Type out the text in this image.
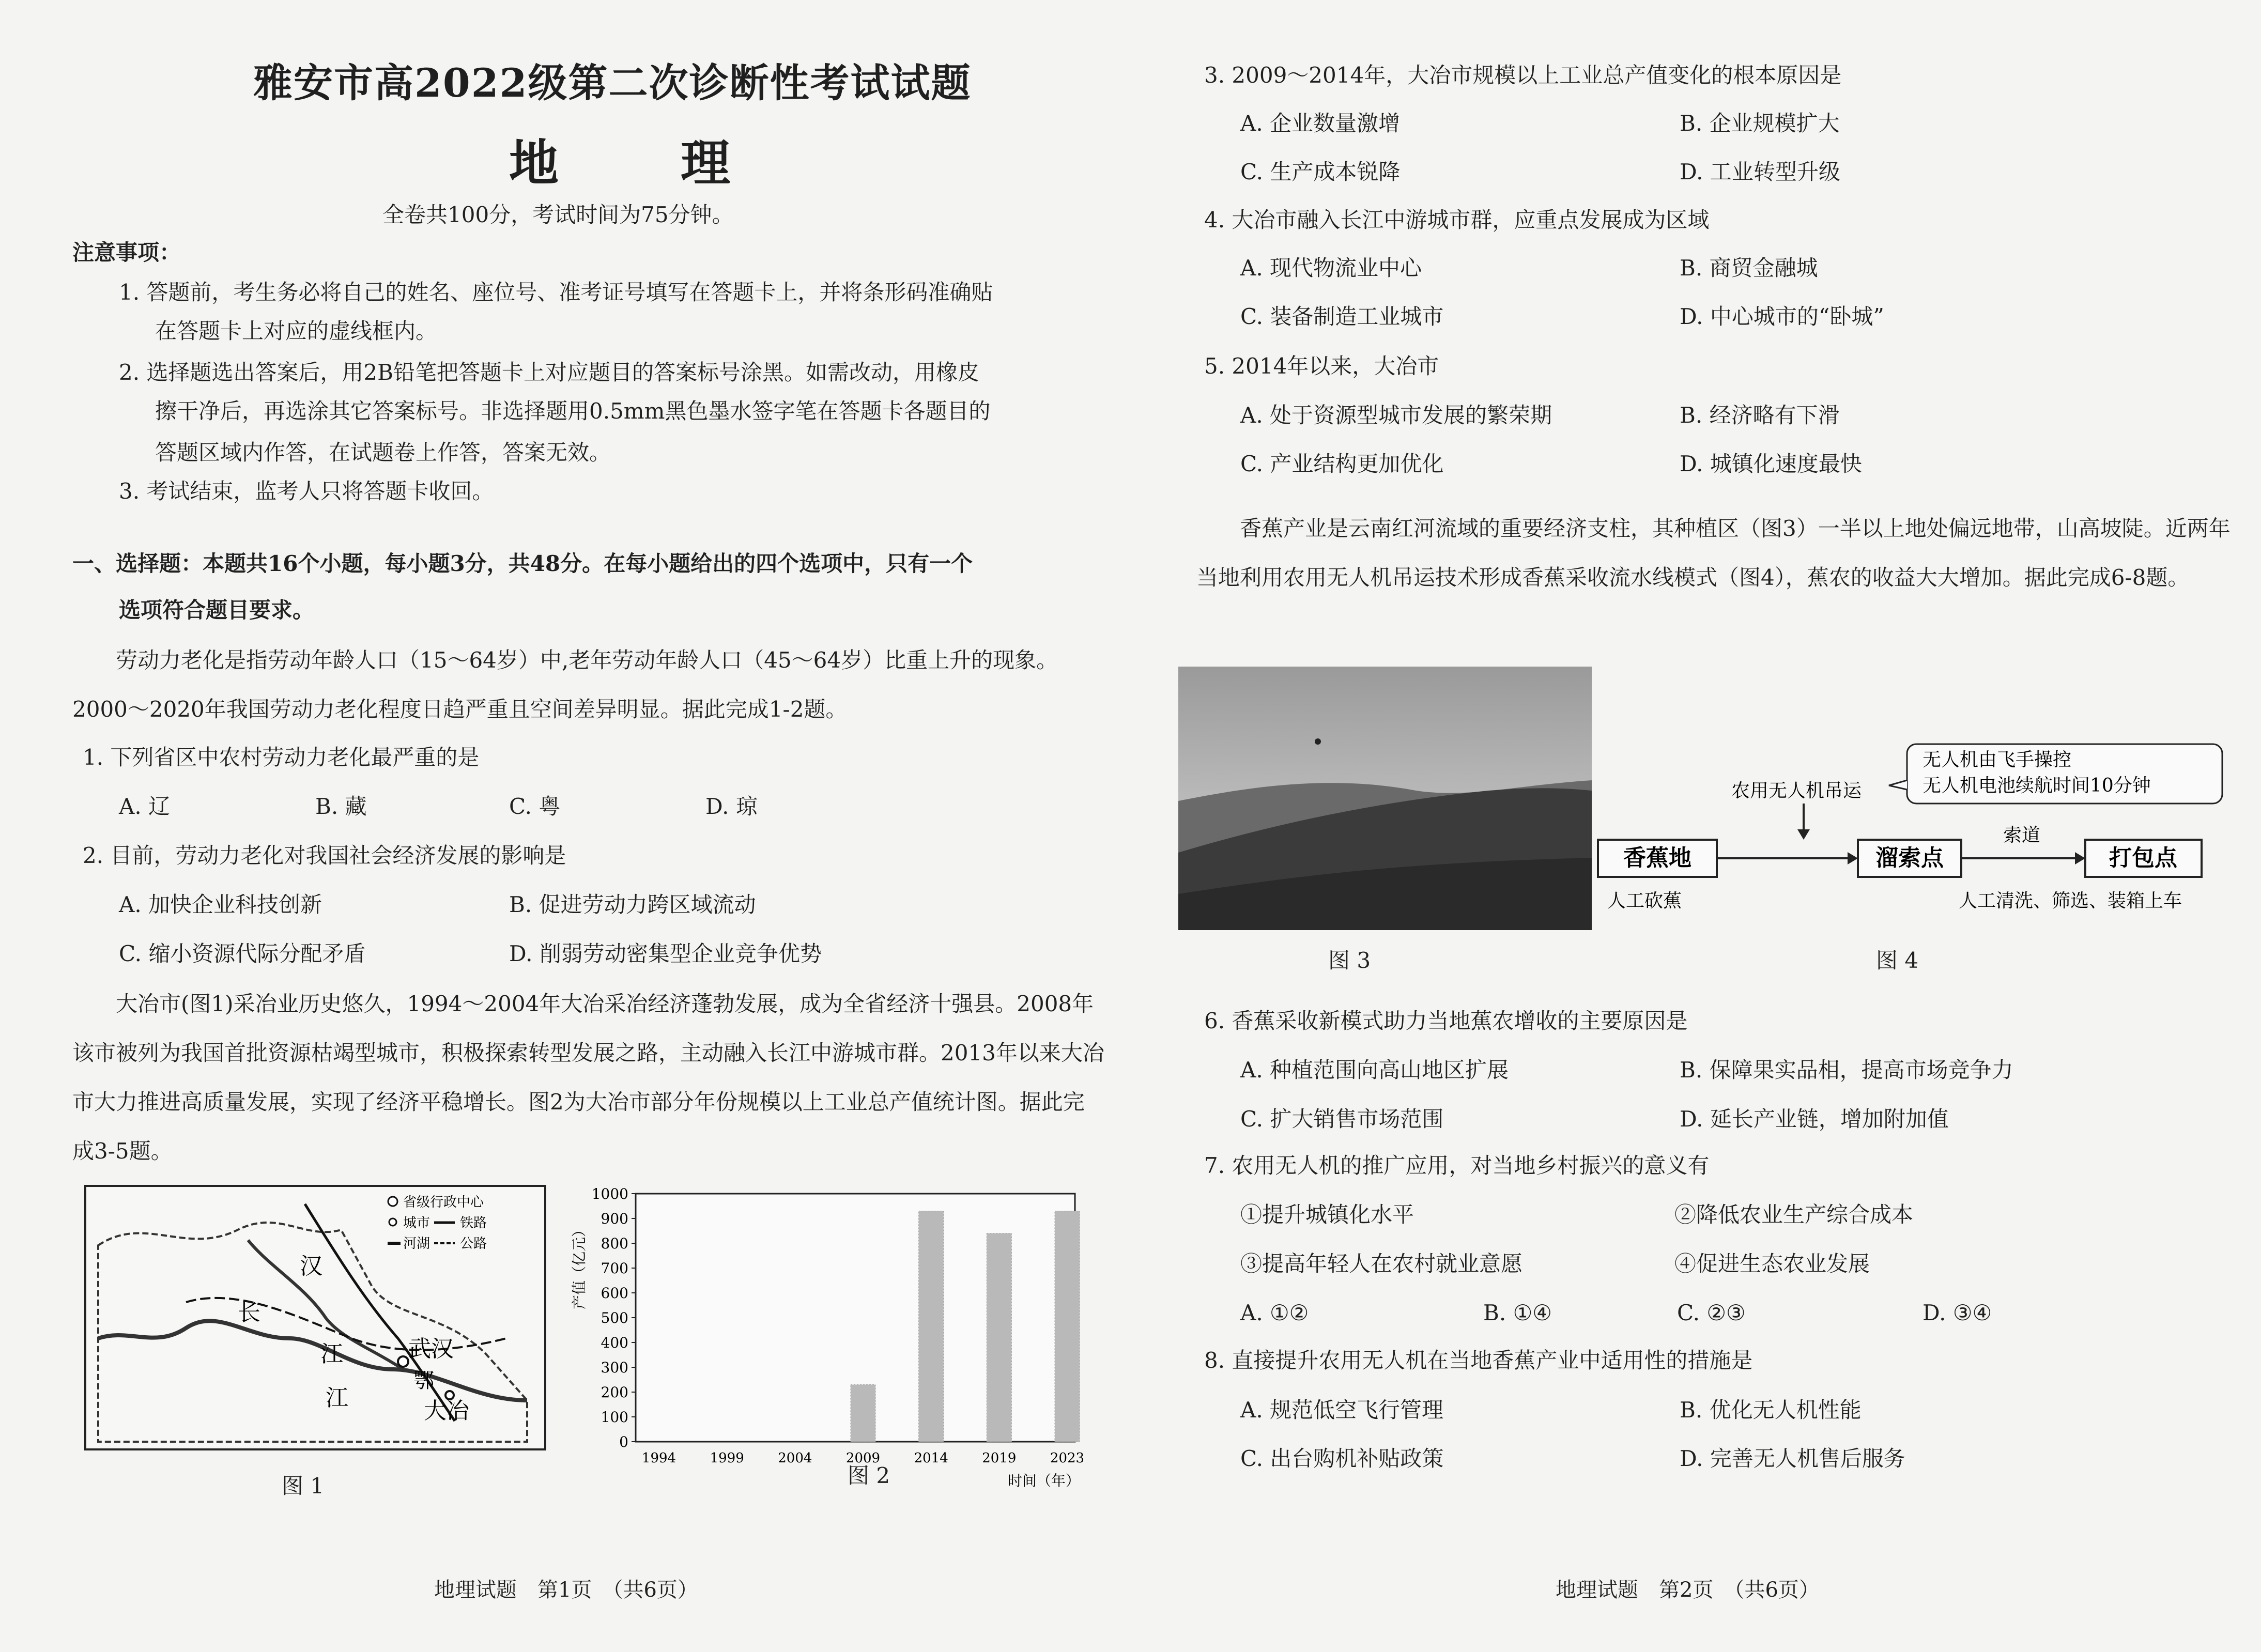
雅安市高2022级第二次诊断性考试试题
地　理
全卷共100分，考试时间为75分钟。
注意事项：
1. 答题前，考生务必将自己的姓名、座位号、准考证号填写在答题卡上，并将条形码准确贴
在答题卡上对应的虚线框内。
2. 选择题选出答案后，用2B铅笔把答题卡上对应题目的答案标号涂黑。如需改动，用橡皮
擦干净后，再选涂其它答案标号。非选择题用0.5mm黑色墨水签字笔在答题卡各题目的
答题区域内作答，在试题卷上作答，答案无效。
3. 考试结束，监考人只将答题卡收回。
一、选择题：本题共16个小题，每小题3分，共48分。在每小题给出的四个选项中，只有一个
选项符合题目要求。
劳动力老化是指劳动年龄人口（15～64岁）中,老年劳动年龄人口（45～64岁）比重上升的现象。2000～2020年我国劳动力老化程度日趋严重且空间差异明显。据此完成1-2题。
1. 下列省区中农村劳动力老化最严重的是
A. 辽	B. 藏	C. 粤	D. 琼
2. 目前，劳动力老化对我国社会经济发展的影响是
A. 加快企业科技创新	B. 促进劳动力跨区域流动
C. 缩小资源代际分配矛盾	D. 削弱劳动密集型企业竞争优势
大冶市(图1)采冶业历史悠久，1994～2004年大冶采冶经济蓬勃发展，成为全省经济十强县。2008年该市被列为我国首批资源枯竭型城市，积极探索转型发展之路，主动融入长江中游城市群。2013年以来大冶市大力推进高质量发展，实现了经济平稳增长。图2为大冶市部分年份规模以上工业总产值统计图。据此完成3-5题。
省级行政中心
城市 铁路
河湖 公路
汉
长
江
江
武汉
鄂
大冶
图 1
0
100
200
300
400
500
600
700
800
900
1000
产值（亿元）
1994	1999	2004	2009	2014	2019	2023
时间（年）
图 2
地理试题　第1页　（共6页）
3. 2009～2014年，大冶市规模以上工业总产值变化的根本原因是
A. 企业数量激增	B. 企业规模扩大
C. 生产成本锐降	D. 工业转型升级
4. 大冶市融入长江中游城市群，应重点发展成为区域
A. 现代物流业中心	B. 商贸金融城
C. 装备制造工业城市	D. 中心城市的“卧城”
5. 2014年以来，大冶市
A. 处于资源型城市发展的繁荣期	B. 经济略有下滑
C. 产业结构更加优化	D. 城镇化速度最快
香蕉产业是云南红河流域的重要经济支柱，其种植区（图3）一半以上地处偏远地带，山高坡陡。近两年当地利用农用无人机吊运技术形成香蕉采收流水线模式（图4），蕉农的收益大大增加。据此完成6-8题。
图 3
无人机由飞手操控
无人机电池续航时间10分钟
农用无人机吊运
香蕉地	溜索点
索道
打包点
人工砍蕉	人工清洗、筛选、装箱上车
图 4
6. 香蕉采收新模式助力当地蕉农增收的主要原因是
A. 种植范围向高山地区扩展	B. 保障果实品相，提高市场竞争力
C. 扩大销售市场范围	D. 延长产业链，增加附加值
7. 农用无人机的推广应用，对当地乡村振兴的意义有
①提升城镇化水平	②降低农业生产综合成本
③提高年轻人在农村就业意愿	④促进生态农业发展
A. ①②	B. ①④	C. ②③	D. ③④
8. 直接提升农用无人机在当地香蕉产业中适用性的措施是
A. 规范低空飞行管理	B. 优化无人机性能
C. 出台购机补贴政策	D. 完善无人机售后服务
地理试题　第2页　（共6页）
